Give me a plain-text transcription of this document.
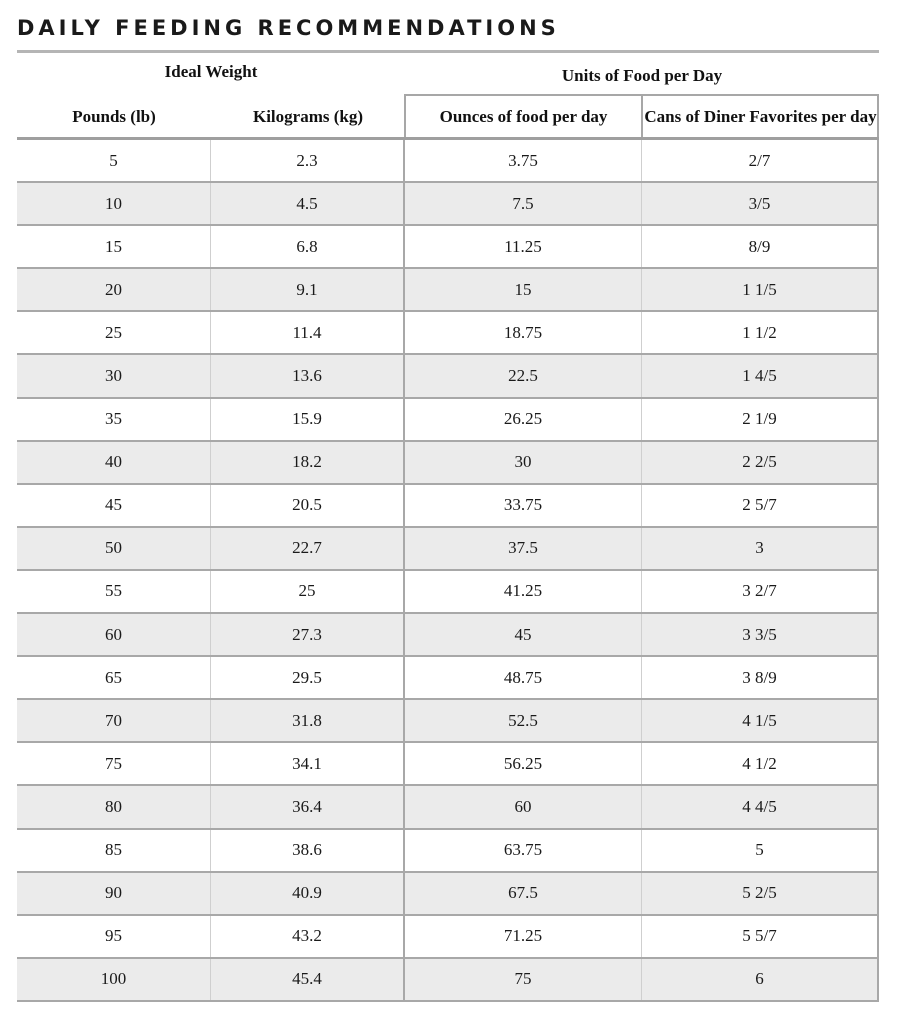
DAILY FEEDING RECOMMENDATIONS
Ideal Weight	Units of Food per Day
Pounds (lb)	Kilograms (kg)	Ounces of food per day	Cans of Diner Favorites per day
5	2.3	3.75	2/7
10	4.5	7.5	3/5
15	6.8	11.25	8/9
20	9.1	15	1 1/5
25	11.4	18.75	1 1/2
30	13.6	22.5	1 4/5
35	15.9	26.25	2 1/9
40	18.2	30	2 2/5
45	20.5	33.75	2 5/7
50	22.7	37.5	3
55	25	41.25	3 2/7
60	27.3	45	3 3/5
65	29.5	48.75	3 8/9
70	31.8	52.5	4 1/5
75	34.1	56.25	4 1/2
80	36.4	60	4 4/5
85	38.6	63.75	5
90	40.9	67.5	5 2/5
95	43.2	71.25	5 5/7
100	45.4	75	6
